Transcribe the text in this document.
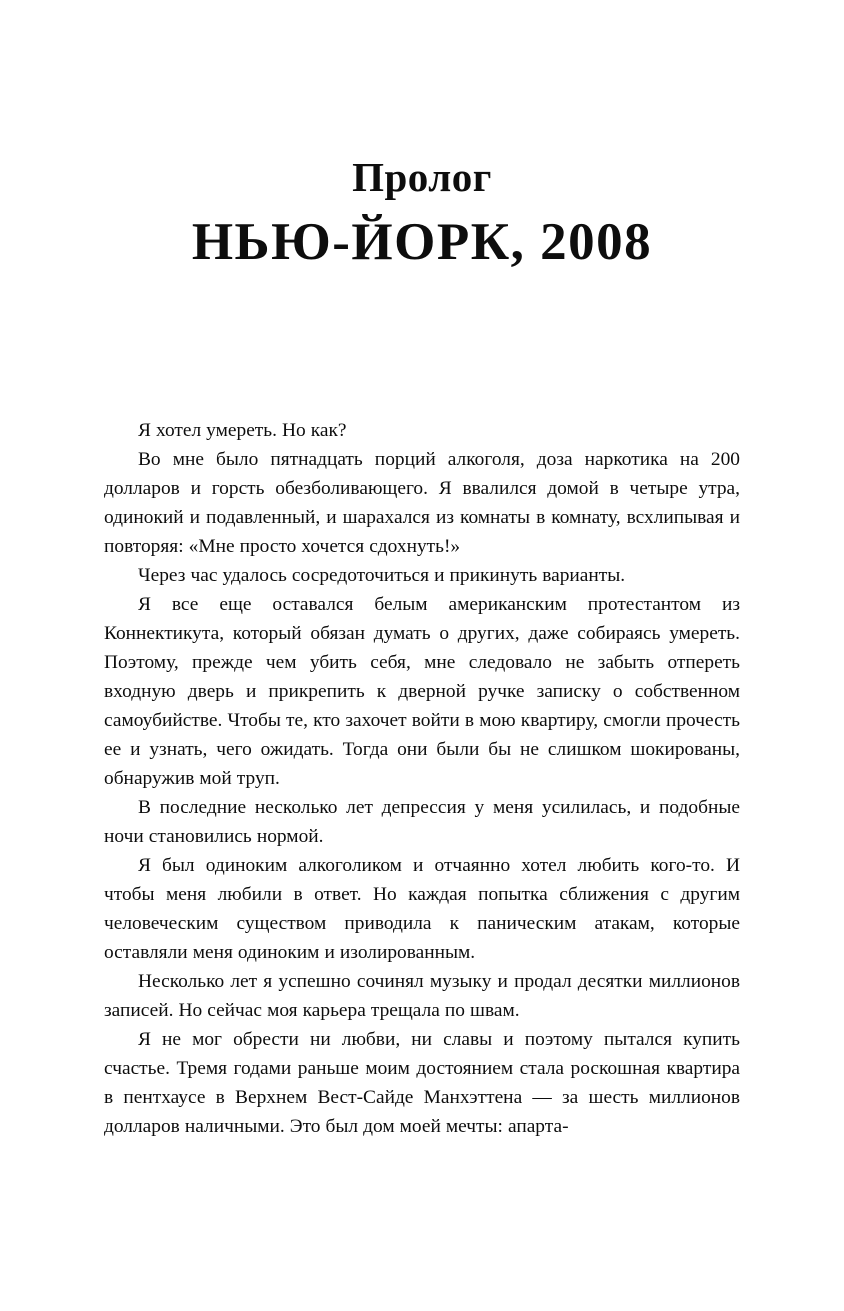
Пролог
НЬЮ-ЙОРК, 2008

Я хотел умереть. Но как?

Во мне было пятнадцать порций алкоголя, доза наркотика на 200 долларов и горсть обезболивающего. Я ввалился домой в четыре утра, одинокий и подавленный, и шарахался из комнаты в комнату, всхлипывая и повторяя: «Мне просто хочется сдохнуть!»

Через час удалось сосредоточиться и прикинуть варианты.

Я все еще оставался белым американским протестантом из Коннектикута, который обязан думать о других, даже собираясь умереть. Поэтому, прежде чем убить себя, мне следовало не забыть отпереть входную дверь и прикрепить к дверной ручке записку о собственном самоубийстве. Чтобы те, кто захочет войти в мою квартиру, смогли прочесть ее и узнать, чего ожидать. Тогда они были бы не слишком шокированы, обнаружив мой труп.

В последние несколько лет депрессия у меня усилилась, и подобные ночи становились нормой.

Я был одиноким алкоголиком и отчаянно хотел любить кого-то. И чтобы меня любили в ответ. Но каждая попытка сближения с другим человеческим существом приводила к паническим атакам, которые оставляли меня одиноким и изолированным.

Несколько лет я успешно сочинял музыку и продал десятки миллионов записей. Но сейчас моя карьера трещала по швам.

Я не мог обрести ни любви, ни славы и поэтому пытался купить счастье. Тремя годами раньше моим достоянием стала роскошная квартира в пентхаусе в Верхнем Вест-Сайде Манхэттена — за шесть миллионов долларов наличными. Это был дом моей мечты: апарта-
